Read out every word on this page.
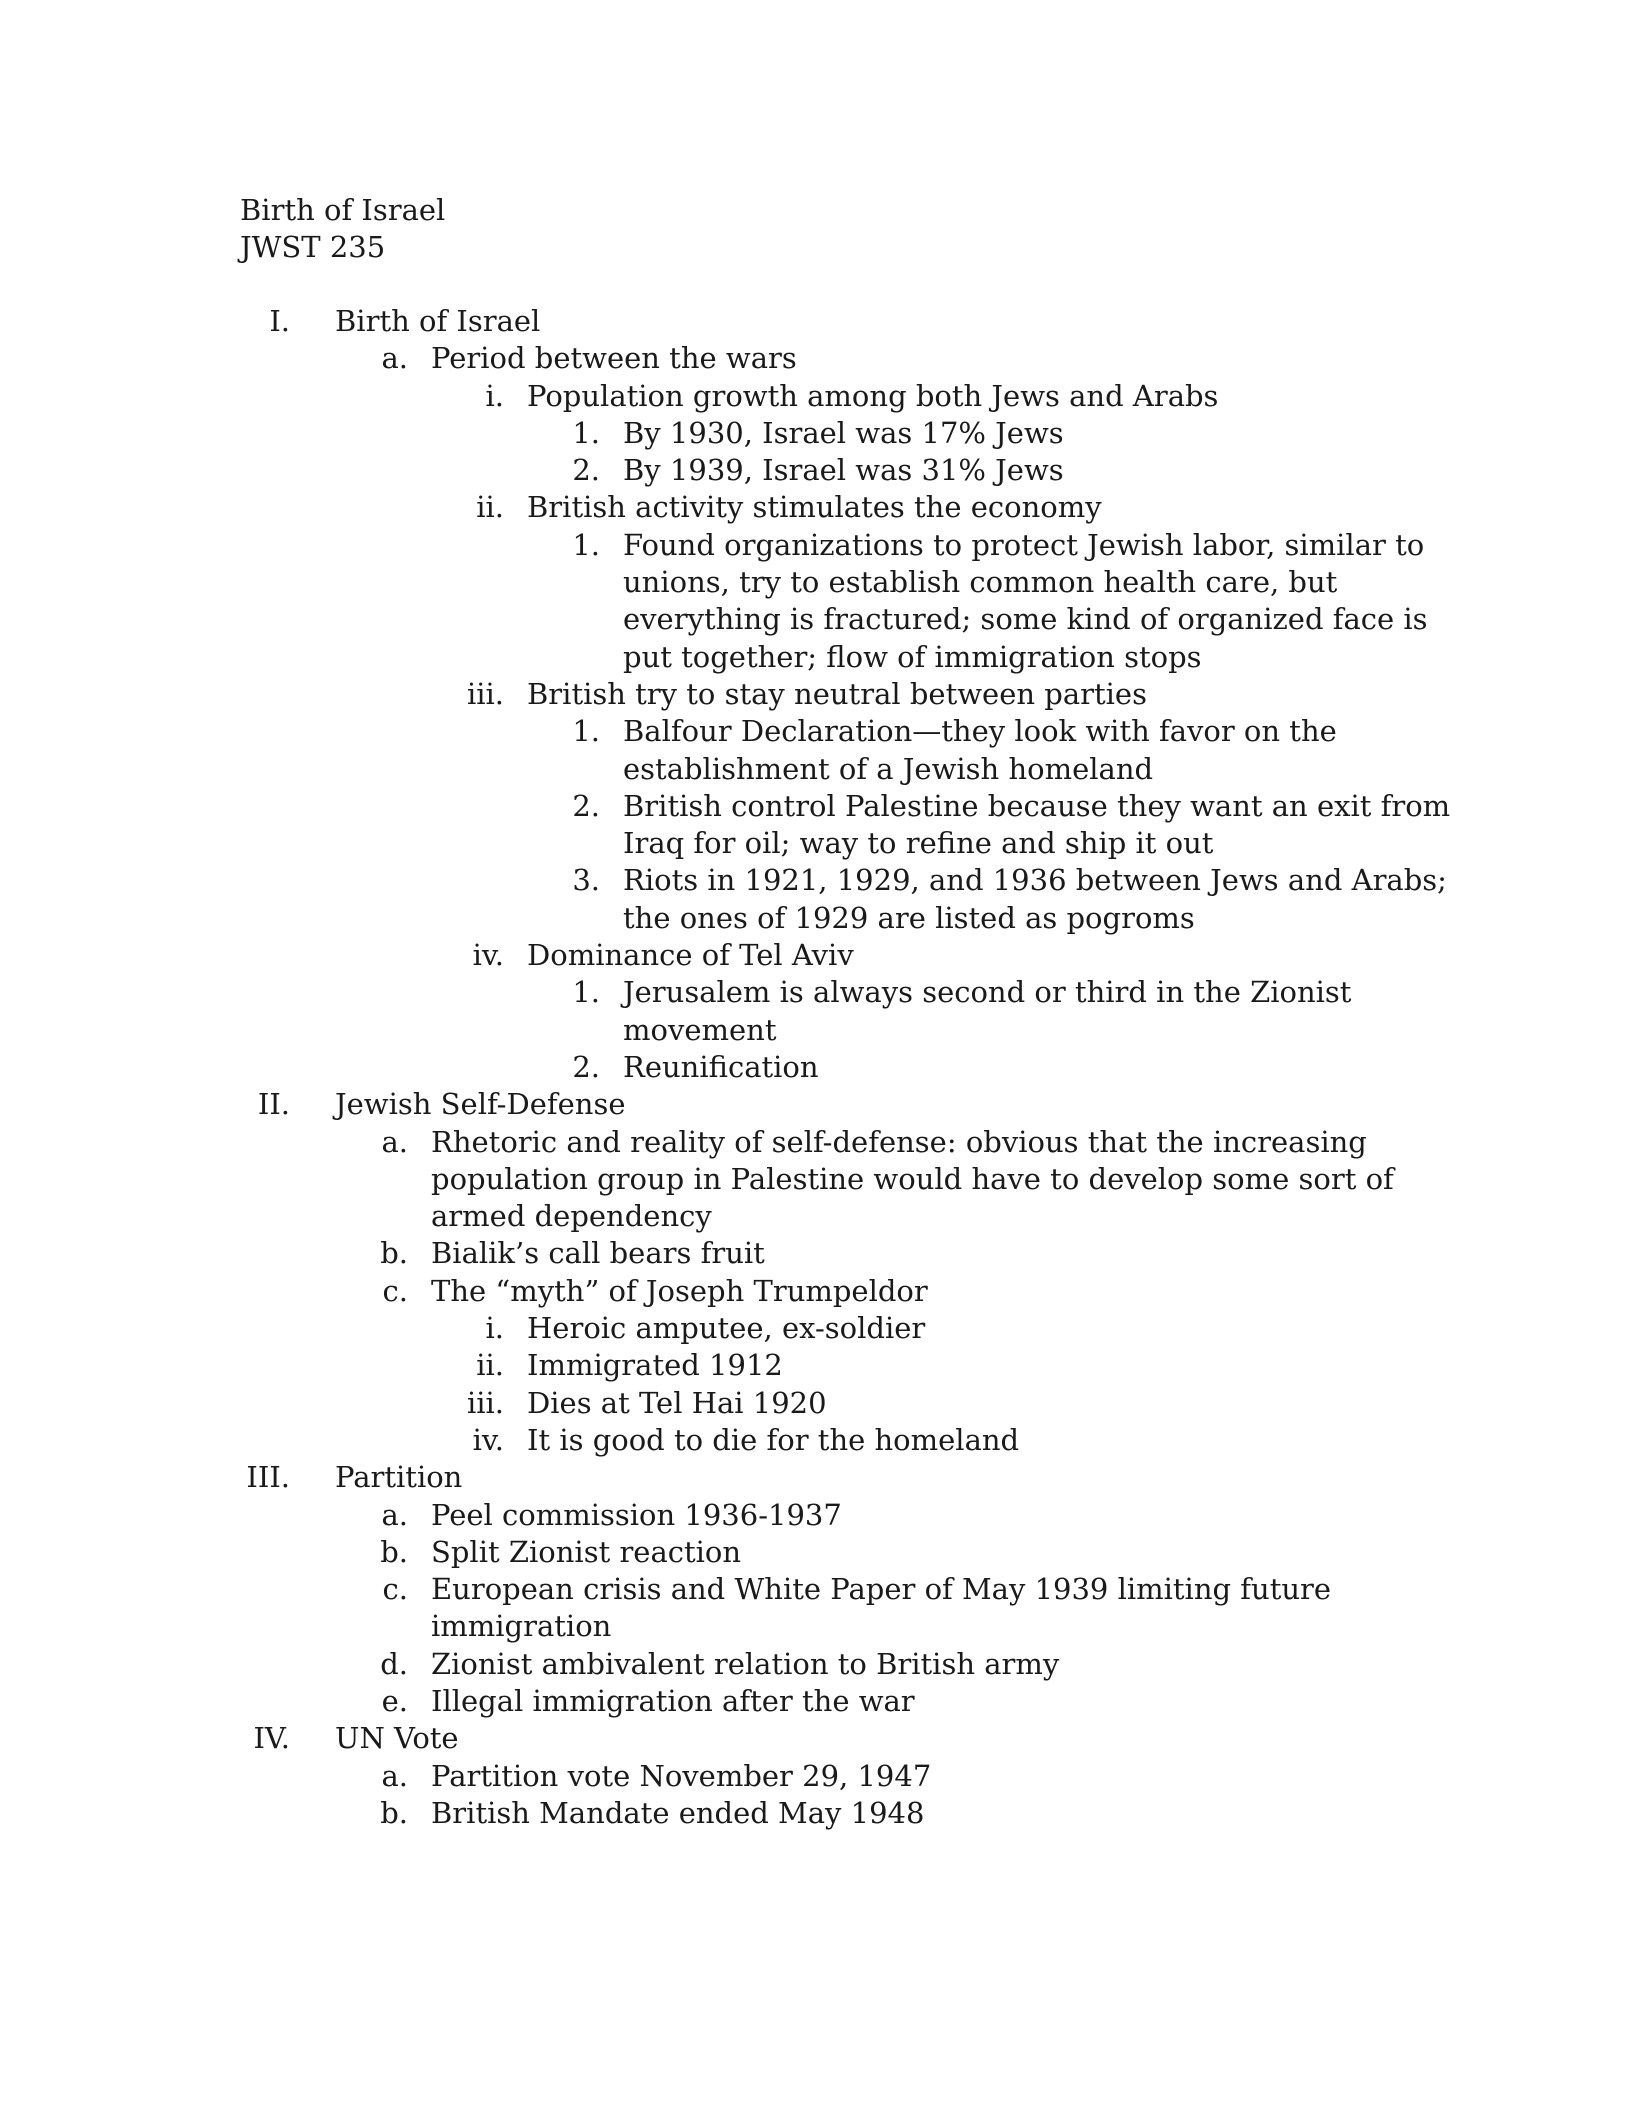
Birth of Israel
JWST 235
I. Birth of Israel
a. Period between the wars
i. Population growth among both Jews and Arabs
1. By 1930, Israel was 17% Jews
2. By 1939, Israel was 31% Jews
ii. British activity stimulates the economy
1. Found organizations to protect Jewish labor, similar to
unions, try to establish common health care, but
everything is fractured; some kind of organized face is
put together; flow of immigration stops
iii. British try to stay neutral between parties
1. Balfour Declaration—they look with favor on the
establishment of a Jewish homeland
2. British control Palestine because they want an exit from
Iraq for oil; way to refine and ship it out
3. Riots in 1921, 1929, and 1936 between Jews and Arabs;
the ones of 1929 are listed as pogroms
iv. Dominance of Tel Aviv
1. Jerusalem is always second or third in the Zionist
movement
2. Reunification
II. Jewish Self-Defense
a. Rhetoric and reality of self-defense: obvious that the increasing
population group in Palestine would have to develop some sort of
armed dependency
b. Bialik’s call bears fruit
c. The “myth” of Joseph Trumpeldor
i. Heroic amputee, ex-soldier
ii. Immigrated 1912
iii. Dies at Tel Hai 1920
iv. It is good to die for the homeland
III. Partition
a. Peel commission 1936-1937
b. Split Zionist reaction
c. European crisis and White Paper of May 1939 limiting future
immigration
d. Zionist ambivalent relation to British army
e. Illegal immigration after the war
IV. UN Vote
a. Partition vote November 29, 1947
b. British Mandate ended May 1948
